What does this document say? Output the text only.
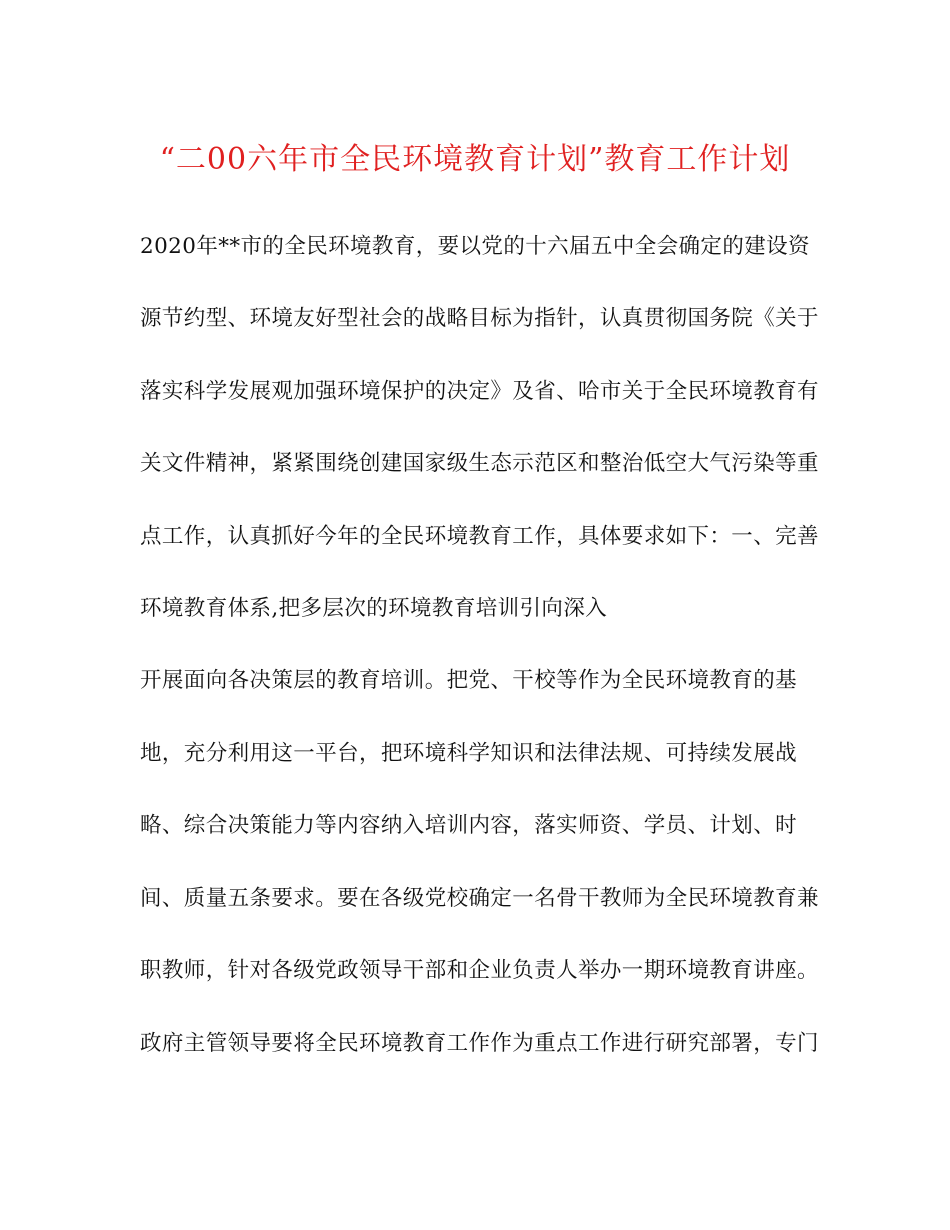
“二00六年市全民环境教育计划”教育工作计划
2020年**市的全民环境教育，要以党的十六届五中全会确定的建设资
源节约型、环境友好型社会的战略目标为指针，认真贯彻国务院《关于
落实科学发展观加强环境保护的决定》及省、哈市关于全民环境教育有
关文件精神，紧紧围绕创建国家级生态示范区和整治低空大气污染等重
点工作，认真抓好今年的全民环境教育工作，具体要求如下：一、完善
环境教育体系,把多层次的环境教育培训引向深入
开展面向各决策层的教育培训。把党、干校等作为全民环境教育的基
地，充分利用这一平台，把环境科学知识和法律法规、可持续发展战
略、综合决策能力等内容纳入培训内容，落实师资、学员、计划、时
间、质量五条要求。要在各级党校确定一名骨干教师为全民环境教育兼
职教师，针对各级党政领导干部和企业负责人举办一期环境教育讲座。
政府主管领导要将全民环境教育工作作为重点工作进行研究部署，专门
